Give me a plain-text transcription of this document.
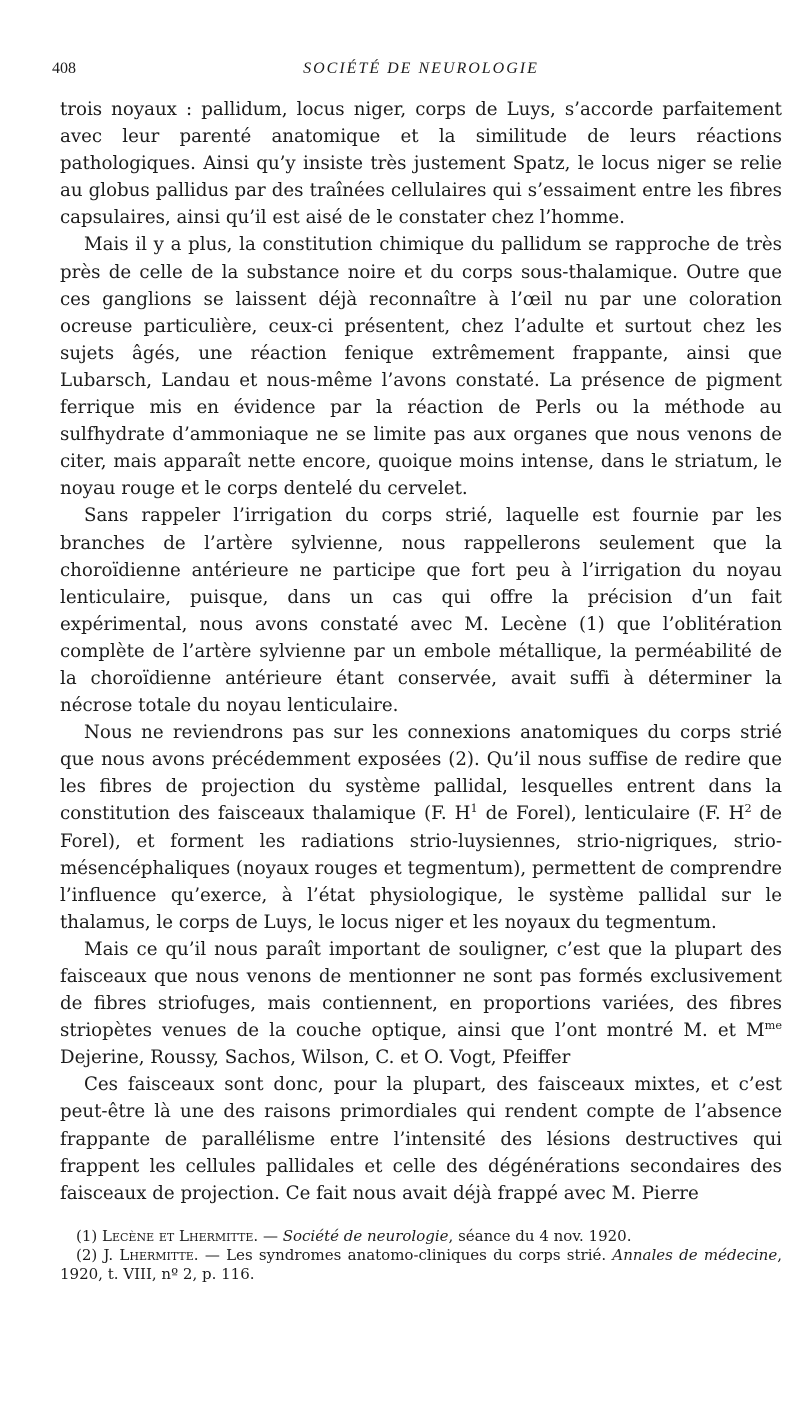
408	SOCIÉTÉ DE NEUROLOGIE

trois noyaux : pallidum, locus niger, corps de Luys, s’accorde parfaitement avec leur parenté anatomique et la similitude de leurs réactions pathologiques. Ainsi qu’y insiste très justement Spatz, le locus niger se relie au globus pallidus par des traînées cellulaires qui s’essaiment entre les fibres capsulaires, ainsi qu’il est aisé de le constater chez l’homme.

Mais il y a plus, la constitution chimique du pallidum se rapproche de très près de celle de la substance noire et du corps sous-thalamique. Outre que ces ganglions se laissent déjà reconnaître à l’œil nu par une coloration ocreuse particulière, ceux-ci présentent, chez l’adulte et surtout chez les sujets âgés, une réaction fenique extrêmement frappante, ainsi que Lubarsch, Landau et nous-même l’avons constaté. La présence de pigment ferrique mis en évidence par la réaction de Perls ou la méthode au sulfhydrate d’ammoniaque ne se limite pas aux organes que nous venons de citer, mais apparaît nette encore, quoique moins intense, dans le striatum, le noyau rouge et le corps dentelé du cervelet.

Sans rappeler l’irrigation du corps strié, laquelle est fournie par les branches de l’artère sylvienne, nous rappellerons seulement que la choroïdienne antérieure ne participe que fort peu à l’irrigation du noyau lenticulaire, puisque, dans un cas qui offre la précision d’un fait expérimental, nous avons constaté avec M. Lecène (1) que l’oblitération complète de l’artère sylvienne par un embole métallique, la perméabilité de la choroïdienne antérieure étant conservée, avait suffi à déterminer la nécrose totale du noyau lenticulaire.

Nous ne reviendrons pas sur les connexions anatomiques du corps strié que nous avons précédemment exposées (2). Qu’il nous suffise de redire que les fibres de projection du système pallidal, lesquelles entrent dans la constitution des faisceaux thalamique (F. $H^1$ de Forel), lenticulaire (F. $H^2$ de Forel), et forment les radiations strio-luysiennes, strio-nigriques, strio-mésencéphaliques (noyaux rouges et tegmentum), permettent de comprendre l’influence qu’exerce, à l’état physiologique, le système pallidal sur le thalamus, le corps de Luys, le locus niger et les noyaux du tegmentum.

Mais ce qu’il nous paraît important de souligner, c’est que la plupart des faisceaux que nous venons de mentionner ne sont pas formés exclusivement de fibres striofuges, mais contiennent, en proportions variées, des fibres striopètes venues de la couche optique, ainsi que l’ont montré M. et $M^{me}$ Dejerine, Roussy, Sachos, Wilson, C. et O. Vogt, Pfeiffer

Ces faisceaux sont donc, pour la plupart, des faisceaux mixtes, et c’est peut-être là une des raisons primordiales qui rendent compte de l’absence frappante de parallélisme entre l’intensité des lésions destructives qui frappent les cellules pallidales et celle des dégénérations secondaires des faisceaux de projection. Ce fait nous avait déjà frappé avec M. Pierre

(1) Lecène et Lhermitte. — Société de neurologie, séance du 4 nov. 1920.

(2) J. Lhermitte. — Les syndromes anatomo-cliniques du corps strié. Annales de médecine, 1920, t. VIII, nº 2, p. 116.
